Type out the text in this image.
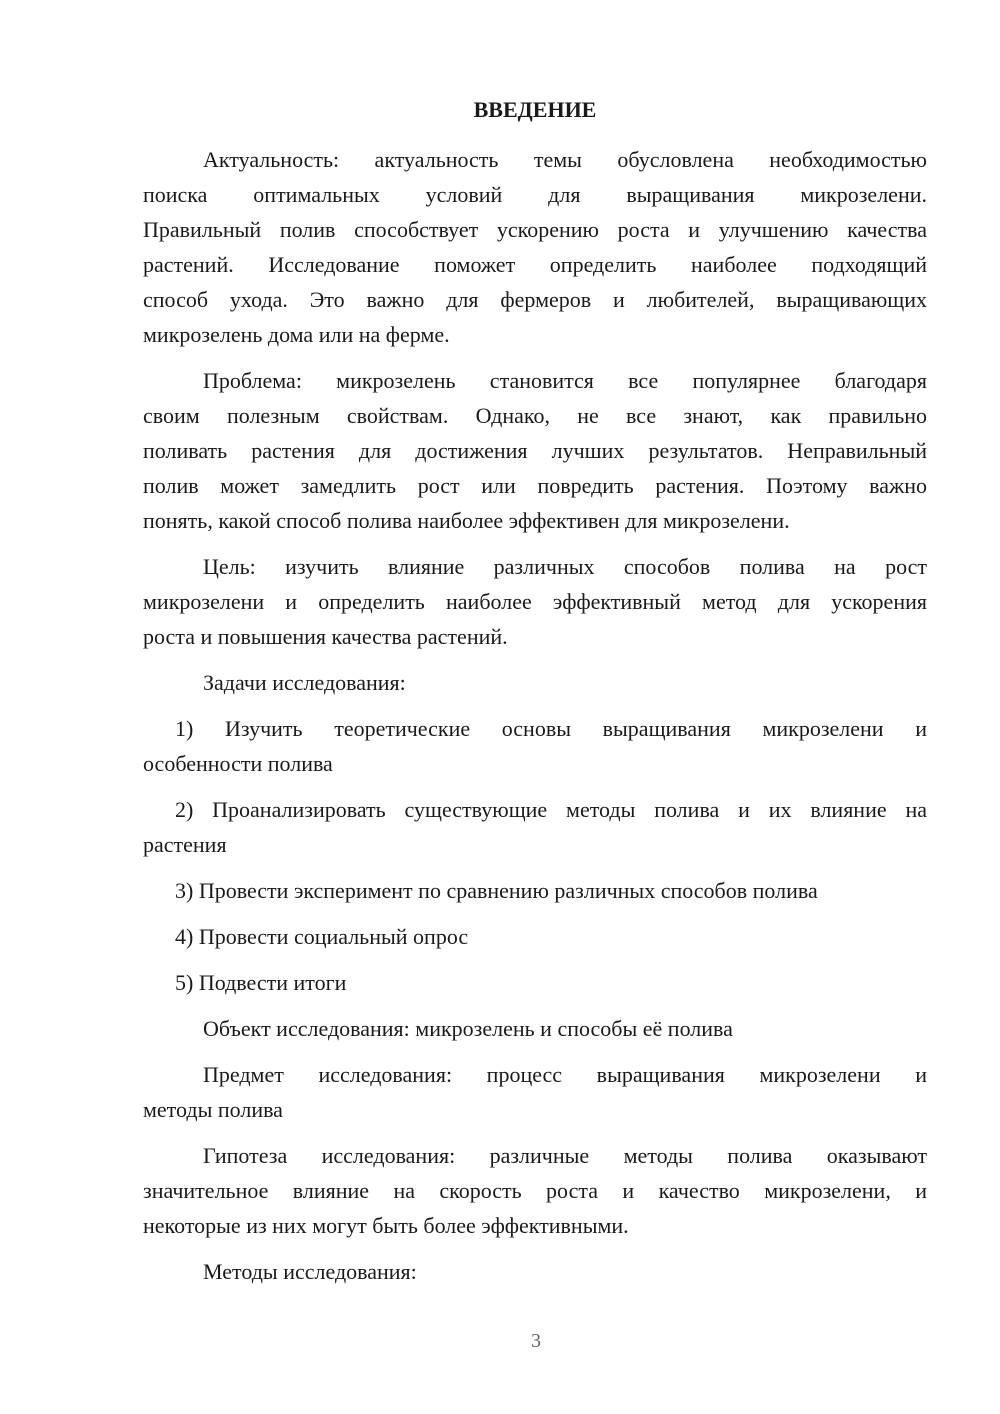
ВВЕДЕНИЕ
Актуальность: актуальность темы обусловлена необходимостью
поиска оптимальных условий для выращивания микрозелени.
Правильный полив способствует ускорению роста и улучшению качества
растений. Исследование поможет определить наиболее подходящий
способ ухода. Это важно для фермеров и любителей, выращивающих
микрозелень дома или на ферме.
Проблема: микрозелень становится все популярнее благодаря
своим полезным свойствам. Однако, не все знают, как правильно
поливать растения для достижения лучших результатов. Неправильный
полив может замедлить рост или повредить растения. Поэтому важно
понять, какой способ полива наиболее эффективен для микрозелени.
Цель: изучить влияние различных способов полива на рост
микрозелени и определить наиболее эффективный метод для ускорения
роста и повышения качества растений.
Задачи исследования:
1) Изучить теоретические основы выращивания микрозелени и
особенности полива
2) Проанализировать существующие методы полива и их влияние на
растения
3) Провести эксперимент по сравнению различных способов полива
4) Провести социальный опрос
5) Подвести итоги
Объект исследования: микрозелень и способы её полива
Предмет исследования: процесс выращивания микрозелени и
методы полива
Гипотеза исследования: различные методы полива оказывают
значительное влияние на скорость роста и качество микрозелени, и
некоторые из них могут быть более эффективными.
Методы исследования:
3
